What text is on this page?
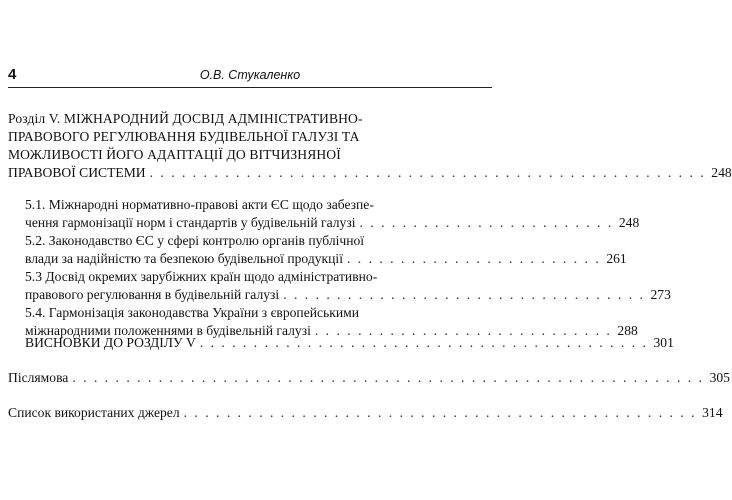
4	О.В. Стукаленко
Розділ V. МІЖНАРОДНИЙ ДОСВІД АДМІНІСТРАТИВНО-
ПРАВОВОГО РЕГУЛЮВАННЯ БУДІВЕЛЬНОЇ ГАЛУЗІ ТА
МОЖЛИВОСТІ ЙОГО АДАПТАЦІЇ ДО ВІТЧИЗНЯНОЇ
ПРАВОВОЇ СИСТЕМИ . . . . . . . . . . . . . . . . . . . . . . . . . . . . . . . . . . . . . . . . . . . . . . . . . . . . 248
5.1. Міжнародні нормативно-правові акти ЄС щодо забезпе-
чення гармонізації норм і стандартів у будівельній галузі . . . . . . . . . . . . . . . . . . . . . . . . 248
5.2. Законодавство ЄС у сфері контролю органів публічної
влади за надійністю та безпекою будівельної продукції . . . . . . . . . . . . . . . . . . . . . . . . 261
5.3 Досвід окремих зарубіжних країн щодо адміністративно-
правового регулювання в будівельній галузі . . . . . . . . . . . . . . . . . . . . . . . . . . . . . . . . . . 273
5.4. Гармонізація законодавства України з європейськими
міжнародними положеннями в будівельній галузі . . . . . . . . . . . . . . . . . . . . . . . . . . . . 288
ВИСНОВКИ ДО РОЗДІЛУ V . . . . . . . . . . . . . . . . . . . . . . . . . . . . . . . . . . . . . . . . . . 301
Післямова . . . . . . . . . . . . . . . . . . . . . . . . . . . . . . . . . . . . . . . . . . . . . . . . . . . . . . . . . . . 305
Список використаних джерел . . . . . . . . . . . . . . . . . . . . . . . . . . . . . . . . . . . . . . . . . . . . . . . . 314
